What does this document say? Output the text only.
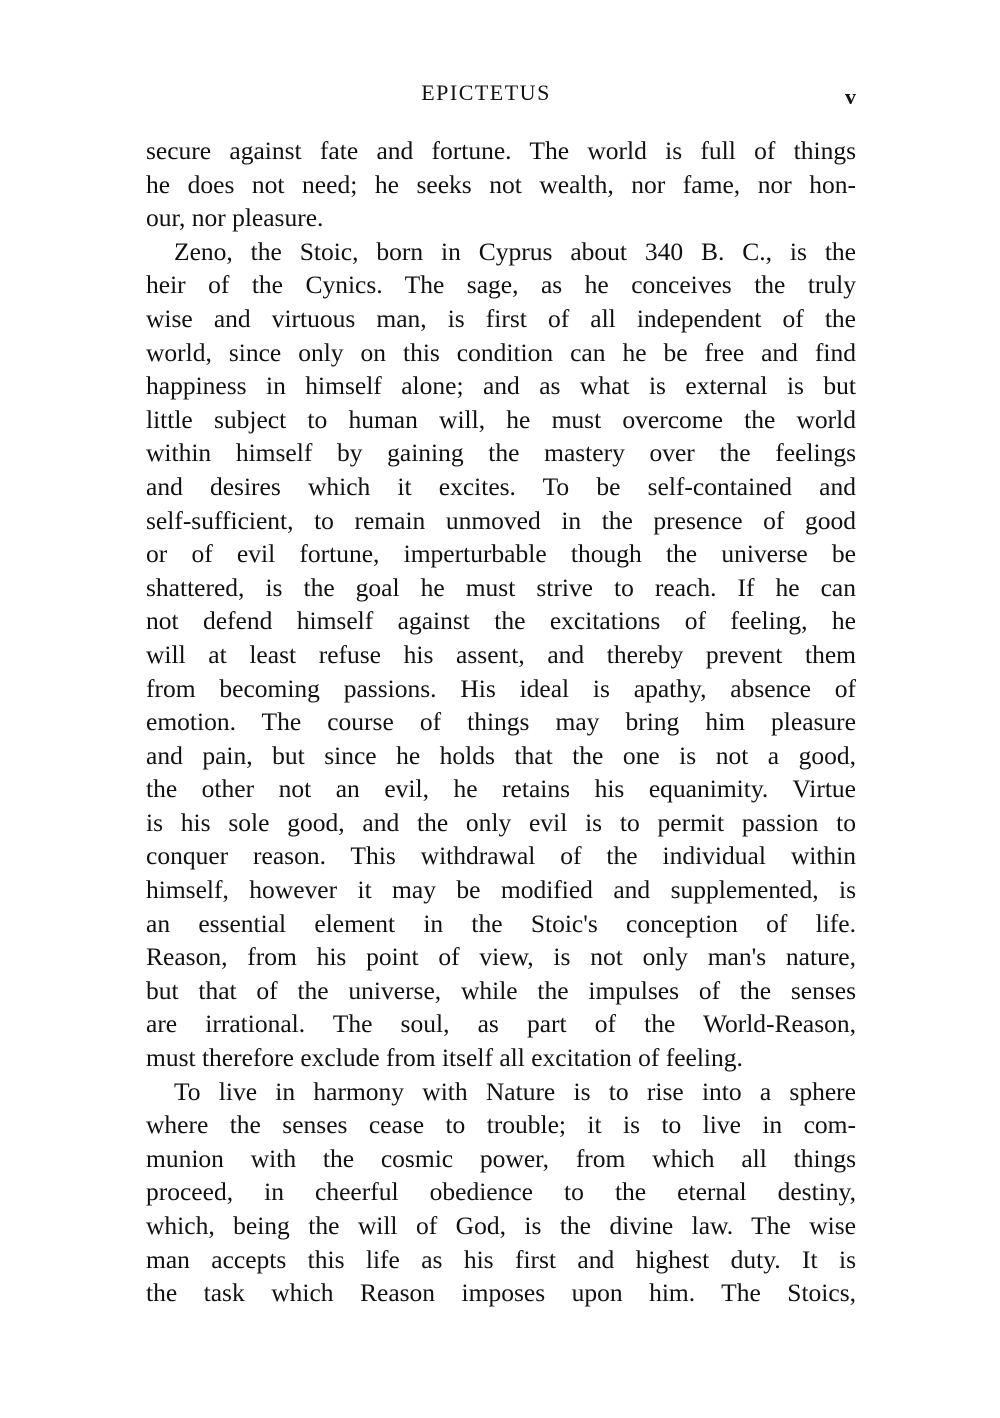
EPICTETUS	v
secure against fate and fortune. The world is full of things
he does not need; he seeks not wealth, nor fame, nor hon-
our, nor pleasure.
Zeno, the Stoic, born in Cyprus about 340 B. C., is the
heir of the Cynics. The sage, as he conceives the truly
wise and virtuous man, is first of all independent of the
world, since only on this condition can he be free and find
happiness in himself alone; and as what is external is but
little subject to human will, he must overcome the world
within himself by gaining the mastery over the feelings
and desires which it excites. To be self-contained and
self-sufficient, to remain unmoved in the presence of good
or of evil fortune, imperturbable though the universe be
shattered, is the goal he must strive to reach. If he can
not defend himself against the excitations of feeling, he
will at least refuse his assent, and thereby prevent them
from becoming passions. His ideal is apathy, absence of
emotion. The course of things may bring him pleasure
and pain, but since he holds that the one is not a good,
the other not an evil, he retains his equanimity. Virtue
is his sole good, and the only evil is to permit passion to
conquer reason. This withdrawal of the individual within
himself, however it may be modified and supplemented, is
an essential element in the Stoic's conception of life.
Reason, from his point of view, is not only man's nature,
but that of the universe, while the impulses of the senses
are irrational. The soul, as part of the World-Reason,
must therefore exclude from itself all excitation of feeling.
To live in harmony with Nature is to rise into a sphere
where the senses cease to trouble; it is to live in com-
munion with the cosmic power, from which all things
proceed, in cheerful obedience to the eternal destiny,
which, being the will of God, is the divine law. The wise
man accepts this life as his first and highest duty. It is
the task which Reason imposes upon him. The Stoics,
